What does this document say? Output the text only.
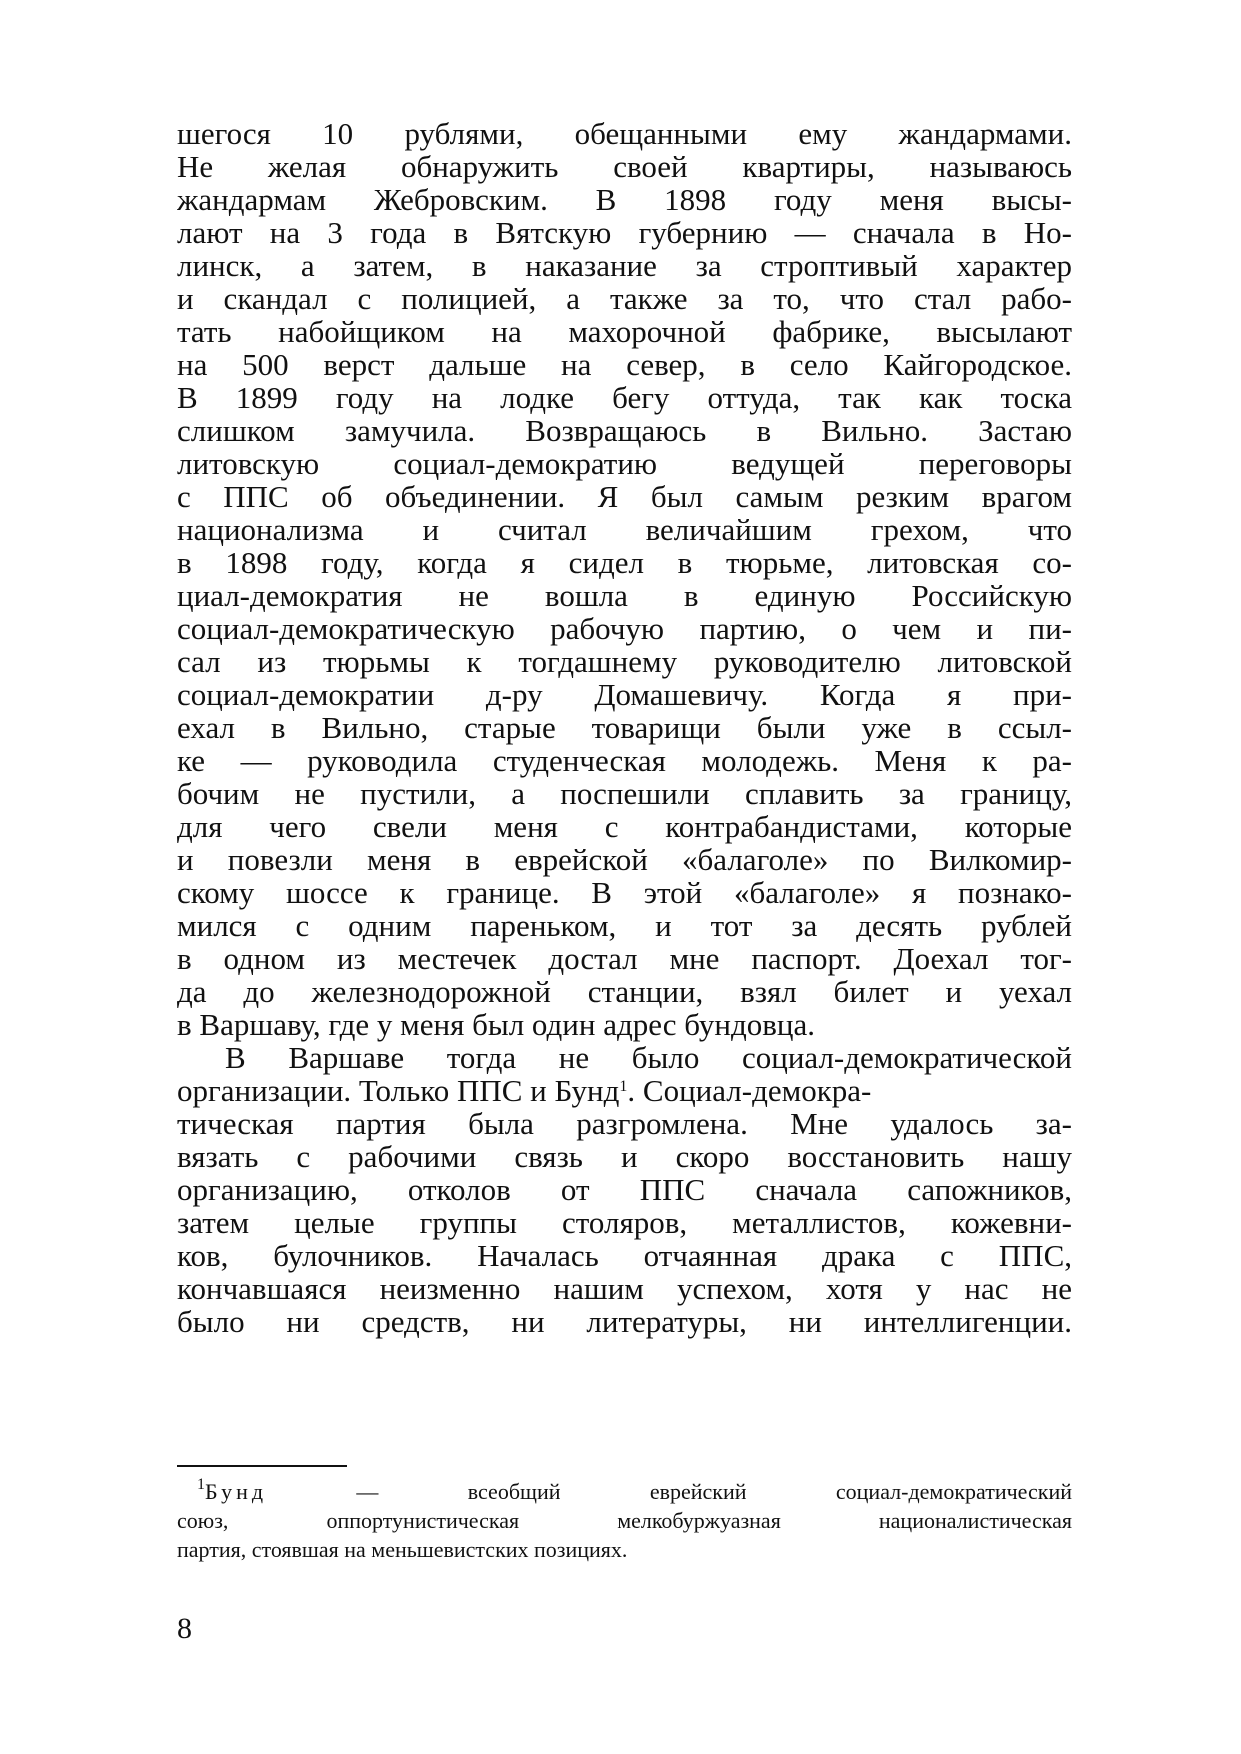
шегося 10 рублями, обещанными ему жандармами.
Не желая обнаружить своей квартиры, называюсь
жандармам Жебровским. В 1898 году меня высы-
лают на 3 года в Вятскую губернию — сначала в Но-
линск, а затем, в наказание за строптивый характер
и скандал с полицией, а также за то, что стал рабо-
тать набойщиком на махорочной фабрике, высылают
на 500 верст дальше на север, в село Кайгородское.
В 1899 году на лодке бегу оттуда, так как тоска
слишком замучила. Возвращаюсь в Вильно. Застаю
литовскую социал-демократию ведущей переговоры
с ППС об объединении. Я был самым резким врагом
национализма и считал величайшим грехом, что
в 1898 году, когда я сидел в тюрьме, литовская со-
циал-демократия не вошла в единую Российскую
социал-демократическую рабочую партию, о чем и пи-
сал из тюрьмы к тогдашнему руководителю литовской
социал-демократии д-ру Домашевичу. Когда я при-
ехал в Вильно, старые товарищи были уже в ссыл-
ке — руководила студенческая молодежь. Меня к ра-
бочим не пустили, а поспешили сплавить за границу,
для чего свели меня с контрабандистами, которые
и повезли меня в еврейской «балаголе» по Вилкомир-
скому шоссе к границе. В этой «балаголе» я познако-
мился с одним пареньком, и тот за десять рублей
в одном из местечек достал мне паспорт. Доехал тог-
да до железнодорожной станции, взял билет и уехал
в Варшаву, где у меня был один адрес бундовца.
В Варшаве тогда не было социал-демократической
организации. Только ППС и Бунд$^1$. Социал-демокра-
тическая партия была разгромлена. Мне удалось за-
вязать с рабочими связь и скоро восстановить нашу
организацию, отколов от ППС сначала сапожников,
затем целые группы столяров, металлистов, кожевни-
ков, булочников. Началась отчаянная драка с ППС,
кончавшаяся неизменно нашим успехом, хотя у нас не
было ни средств, ни литературы, ни интеллигенции.
$^1$Бунд — всеобщий еврейский социал-демократический
союз, оппортунистическая мелкобуржуазная националистическая
партия, стоявшая на меньшевистских позициях.
8
